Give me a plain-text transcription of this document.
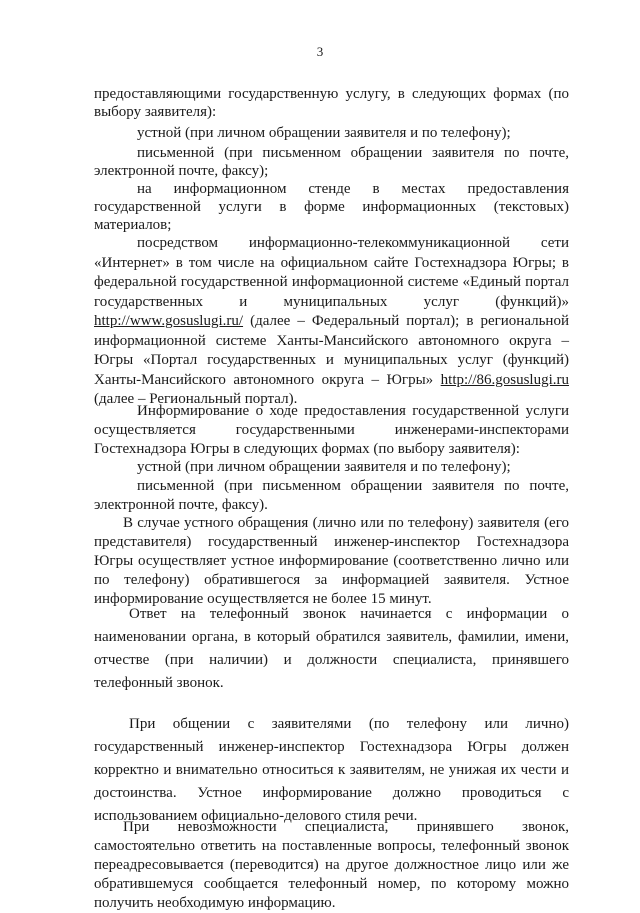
3

предоставляющими государственную услугу, в следующих формах (по выбору заявителя):

устной (при личном обращении заявителя и по телефону);

письменной (при письменном обращении заявителя по почте, электронной почте, факсу);

на информационном стенде в местах предоставления государственной услуги в форме информационных (текстовых) материалов;

посредством информационно-телекоммуникационной сети «Интернет» в том числе на официальном сайте Гостехнадзора Югры; в федеральной государственной информационной системе «Единый портал государственных и муниципальных услуг (функций)» http://www.gosuslugi.ru/ (далее – Федеральный портал); в региональной информационной системе Ханты-Мансийского автономного округа – Югры «Портал государственных и муниципальных услуг (функций) Ханты-Мансийского автономного округа – Югры» http://86.gosuslugi.ru (далее – Региональный портал).

Информирование о ходе предоставления государственной услуги осуществляется государственными инженерами-инспекторами Гостехнадзора Югры в следующих формах (по выбору заявителя):

устной (при личном обращении заявителя и по телефону);

письменной (при письменном обращении заявителя по почте, электронной почте, факсу).

В случае устного обращения (лично или по телефону) заявителя (его представителя) государственный инженер-инспектор Гостехнадзора Югры осуществляет устное информирование (соответственно лично или по телефону) обратившегося за информацией заявителя. Устное информирование осуществляется не более 15 минут.

Ответ на телефонный звонок начинается с информации о наименовании органа, в который обратился заявитель, фамилии, имени, отчестве (при наличии) и должности специалиста, принявшего телефонный звонок.

При общении с заявителями (по телефону или лично) государственный инженер-инспектор Гостехнадзора Югры должен корректно и внимательно относиться к заявителям, не унижая их чести и достоинства. Устное информирование должно проводиться с использованием официально-делового стиля речи.

При невозможности специалиста, принявшего звонок, самостоятельно ответить на поставленные вопросы, телефонный звонок переадресовывается (переводится) на другое должностное лицо или же обратившемуся сообщается телефонный номер, по которому можно получить необходимую информацию.
